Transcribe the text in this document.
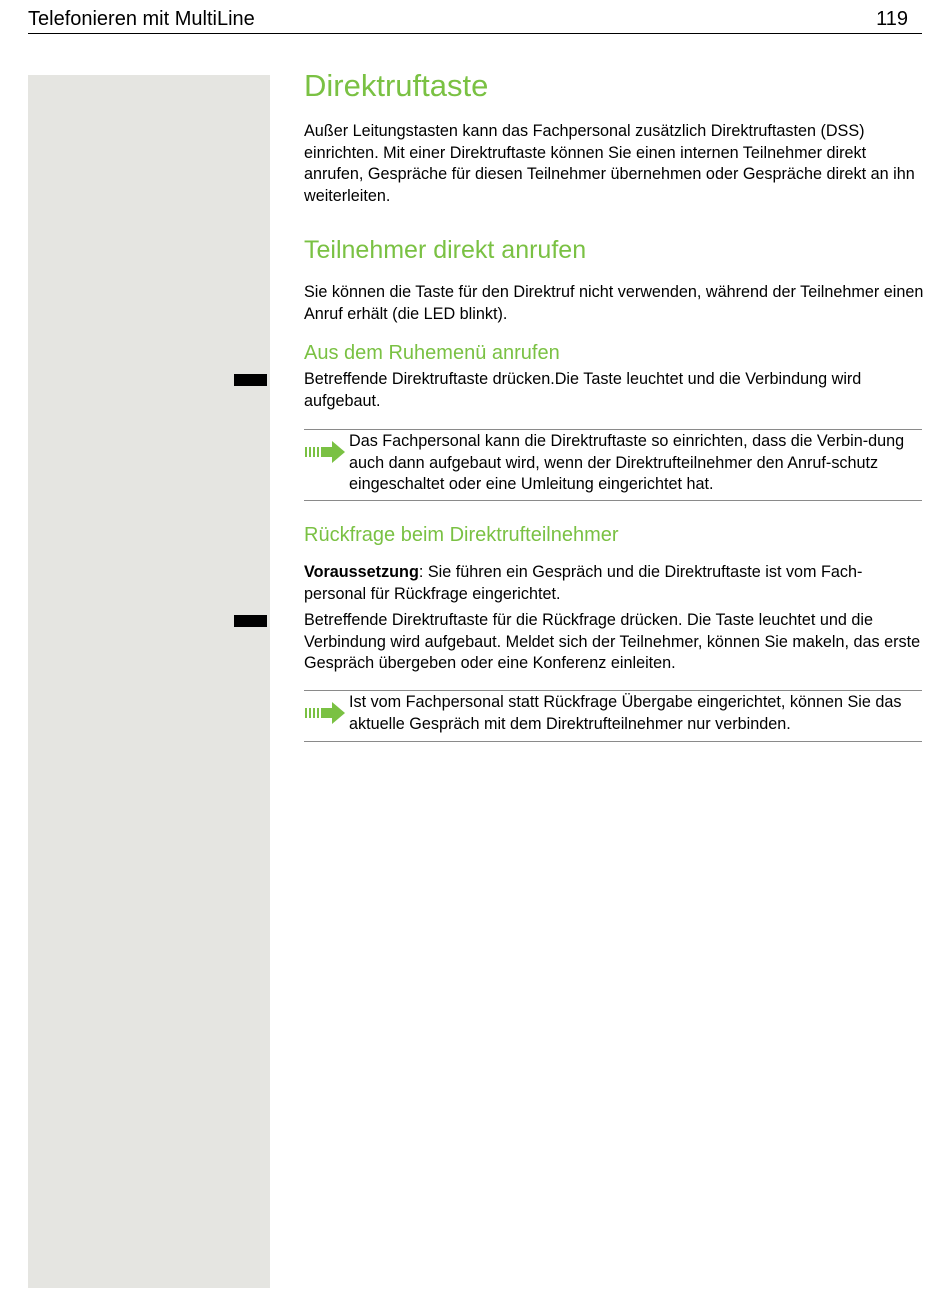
Telefonieren mit MultiLine	119
Direktruftaste

Außer Leitungstasten kann das Fachpersonal zusätzlich Direktruftasten (DSS) einrichten. Mit einer Direktruftaste können Sie einen internen Teilnehmer direkt anrufen, Gespräche für diesen Teilnehmer übernehmen oder Gespräche direkt an ihn weiterleiten.

Teilnehmer direkt anrufen

Sie können die Taste für den Direktruf nicht verwenden, während der Teilnehmer einen Anruf erhält (die LED blinkt).

Aus dem Ruhemenü anrufen

Betreffende Direktruftaste drücken.Die Taste leuchtet und die Verbindung wird aufgebaut.

Das Fachpersonal kann die Direktruftaste so einrichten, dass die Verbin-dung auch dann aufgebaut wird, wenn der Direktrufteilnehmer den Anruf-schutz eingeschaltet oder eine Umleitung eingerichtet hat.

Rückfrage beim Direktrufteilnehmer

Voraussetzung: Sie führen ein Gespräch und die Direktruftaste ist vom Fach-personal für Rückfrage eingerichtet.

Betreffende Direktruftaste für die Rückfrage drücken. Die Taste leuchtet und die Verbindung wird aufgebaut. Meldet sich der Teilnehmer, können Sie makeln, das erste Gespräch übergeben oder eine Konferenz einleiten.

Ist vom Fachpersonal statt Rückfrage Übergabe eingerichtet, können Sie das aktuelle Gespräch mit dem Direktrufteilnehmer nur verbinden.
